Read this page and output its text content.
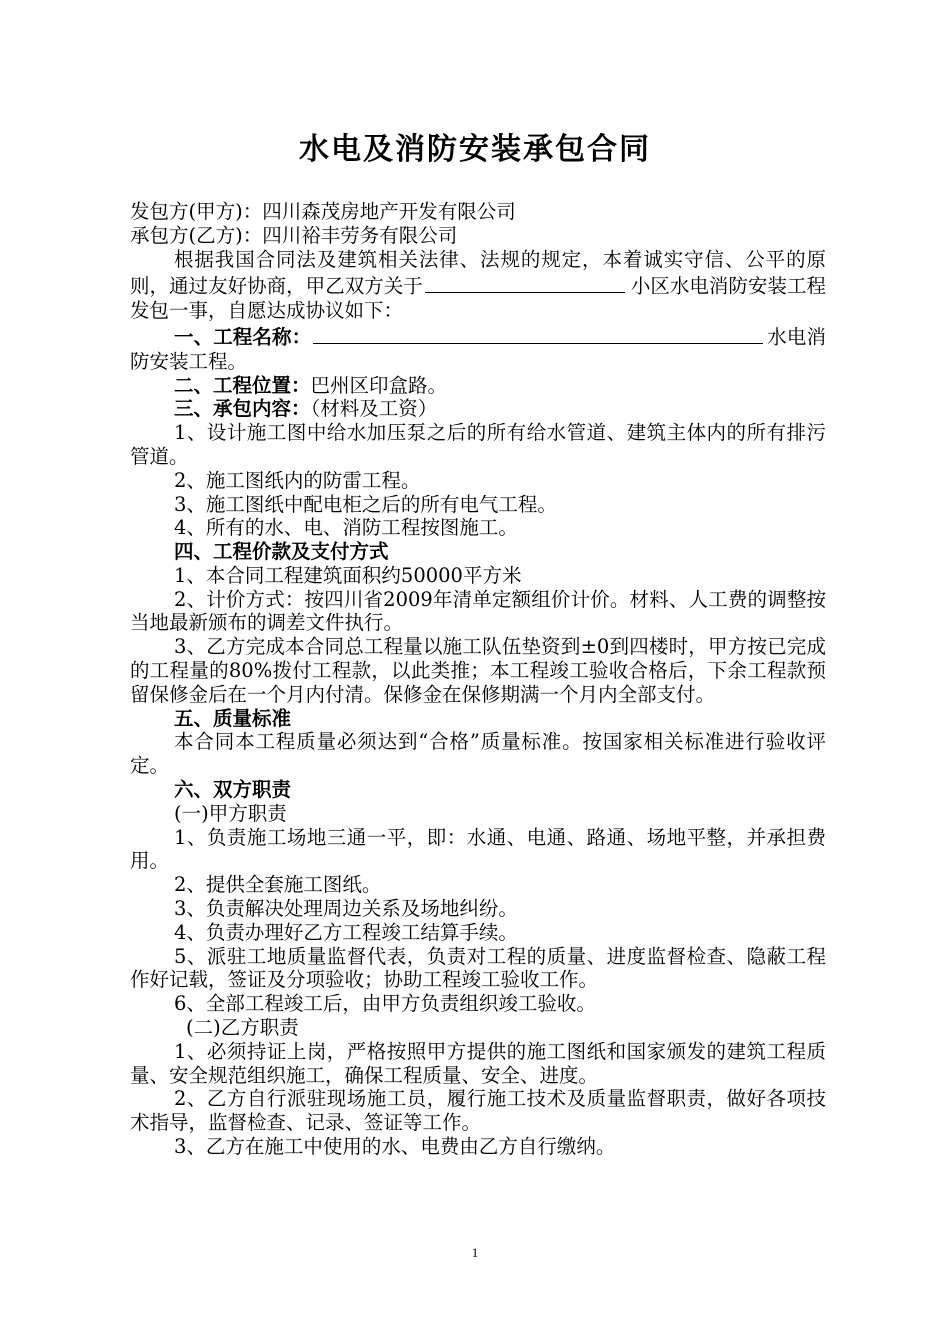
水电及消防安装承包合同

发包方(甲方)：四川森茂房地产开发有限公司

承包方(乙方)：四川裕丰劳务有限公司

根据我国合同法及建筑相关法律、法规的规定，本着诚实守信、公平的原则，通过友好协商，甲乙双方关于	小区水电消防安装工程发包一事，自愿达成协议如下：

一、工程名称：	水电消防安装工程。

二、工程位置：巴州区印盒路。

三、承包内容：（材料及工资）

1、设计施工图中给水加压泵之后的所有给水管道、建筑主体内的所有排污管道。

2、施工图纸内的防雷工程。

3、施工图纸中配电柜之后的所有电气工程。

4、所有的水、电、消防工程按图施工。

四、工程价款及支付方式

1、本合同工程建筑面积约50000平方米

2、计价方式：按四川省2009年清单定额组价计价。材料、人工费的调整按当地最新颁布的调差文件执行。

3、乙方完成本合同总工程量以施工队伍垫资到±0到四楼时，甲方按已完成的工程量的80%拨付工程款，以此类推；本工程竣工验收合格后，下余工程款预留保修金后在一个月内付清。保修金在保修期满一个月内全部支付。

五、质量标准

本合同本工程质量必须达到“合格”质量标准。按国家相关标准进行验收评定。

六、双方职责

(一)甲方职责

1、负责施工场地三通一平，即：水通、电通、路通、场地平整，并承担费用。

2、提供全套施工图纸。

3、负责解决处理周边关系及场地纠纷。

4、负责办理好乙方工程竣工结算手续。

5、派驻工地质量监督代表，负责对工程的质量、进度监督检查、隐蔽工程作好记载，签证及分项验收；协助工程竣工验收工作。

6、全部工程竣工后，由甲方负责组织竣工验收。

(二)乙方职责

1、必须持证上岗，严格按照甲方提供的施工图纸和国家颁发的建筑工程质量、安全规范组织施工，确保工程质量、安全、进度。

2、乙方自行派驻现场施工员，履行施工技术及质量监督职责，做好各项技术指导，监督检查、记录、签证等工作。

3、乙方在施工中使用的水、电费由乙方自行缴纳。

1
